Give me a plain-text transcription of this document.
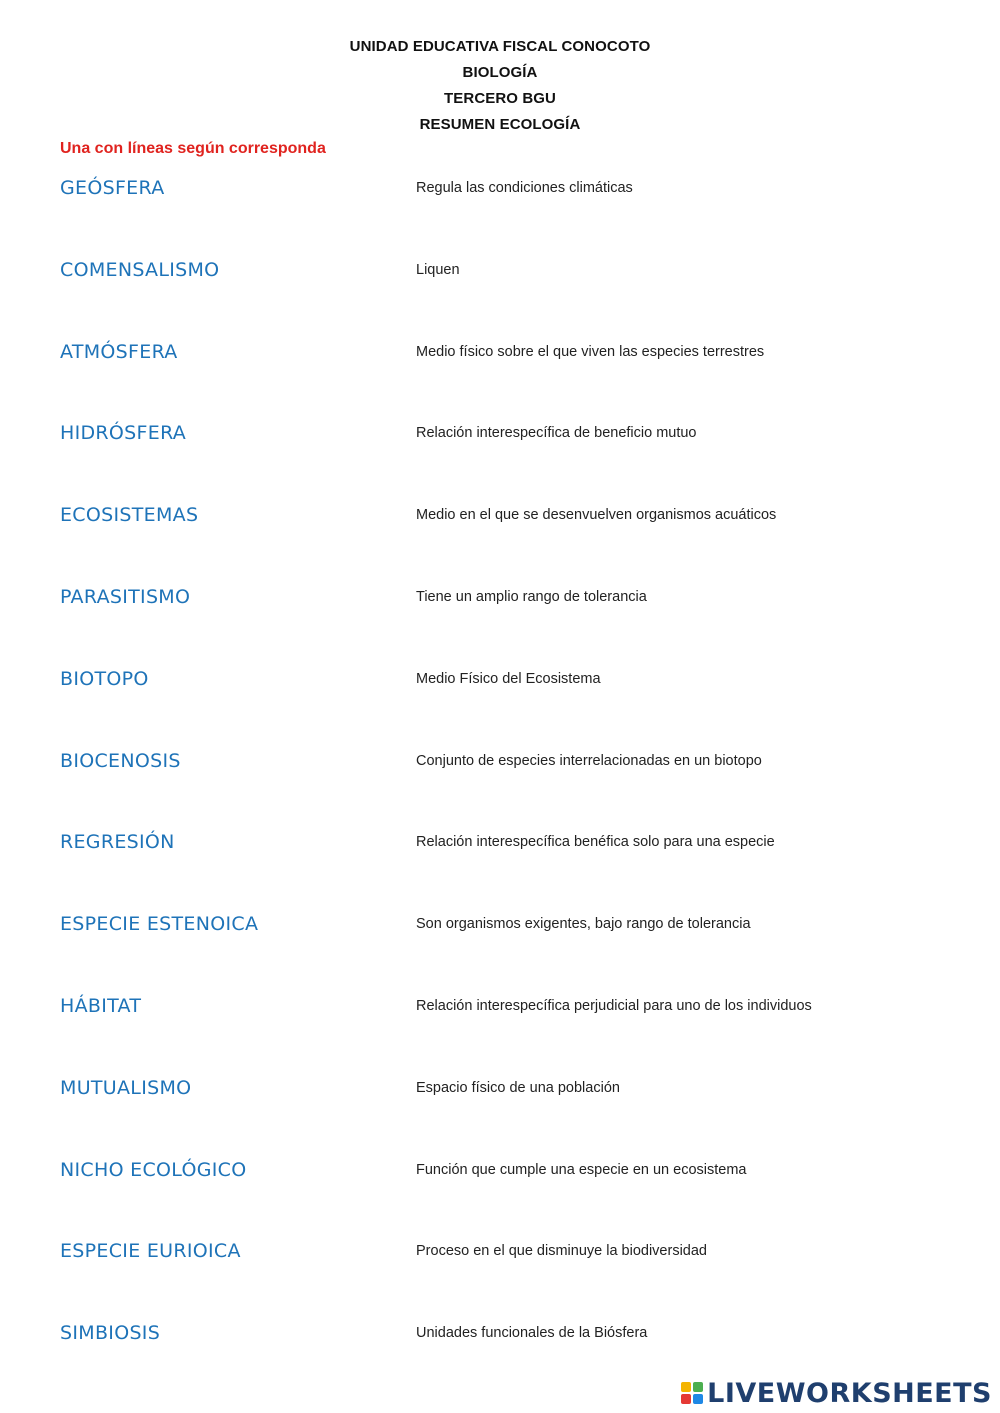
UNIDAD EDUCATIVA FISCAL CONOCOTO
BIOLOGÍA
TERCERO BGU
RESUMEN ECOLOGÍA
Una con líneas según corresponda
GEÓSFERA	Regula las condiciones climáticas
COMENSALISMO	Liquen
ATMÓSFERA	Medio físico sobre el que viven las especies terrestres
HIDRÓSFERA	Relación interespecífica de beneficio mutuo
ECOSISTEMAS	Medio en el que se desenvuelven organismos acuáticos
PARASITISMO	Tiene un amplio rango de tolerancia
BIOTOPO	Medio Físico del Ecosistema
BIOCENOSIS	Conjunto de especies interrelacionadas en un biotopo
REGRESIÓN	Relación interespecífica benéfica solo para una especie
ESPECIE ESTENOICA	Son organismos exigentes, bajo rango de tolerancia
HÁBITAT	Relación interespecífica perjudicial para uno de los individuos
MUTUALISMO	Espacio físico de una población
NICHO ECOLÓGICO	Función que cumple una especie en un ecosistema
ESPECIE EURIOICA	Proceso en el que disminuye la biodiversidad
SIMBIOSIS	Unidades funcionales de la Biósfera
LIVEWORKSHEETS
